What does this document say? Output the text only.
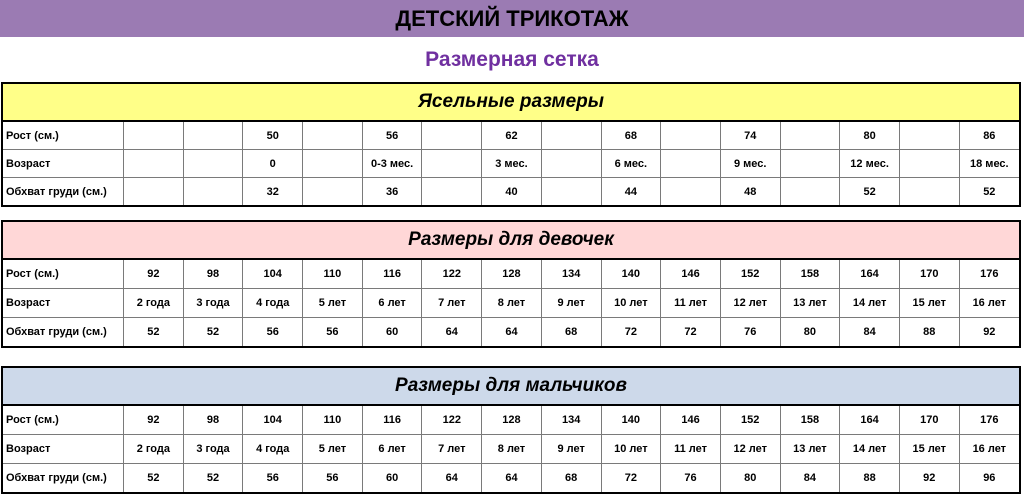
ДЕТСКИЙ ТРИКОТАЖ
Размерная сетка
Ясельные размеры
Рост (см.)			50		56		62		68		74		80		86
Возраст			0		0-3 мес.		3 мес.		6 мес.		9 мес.		12 мес.		18 мес.
Обхват груди (см.)			32		36		40		44		48		52		52
Размеры для девочек
Рост (см.)	92	98	104	110	116	122	128	134	140	146	152	158	164	170	176
Возраст	2 года	3 года	4 года	5 лет	6 лет	7 лет	8 лет	9 лет	10 лет	11 лет	12 лет	13 лет	14 лет	15 лет	16 лет
Обхват груди (см.)	52	52	56	56	60	64	64	68	72	72	76	80	84	88	92
Размеры для мальчиков
Рост (см.)	92	98	104	110	116	122	128	134	140	146	152	158	164	170	176
Возраст	2 года	3 года	4 года	5 лет	6 лет	7 лет	8 лет	9 лет	10 лет	11 лет	12 лет	13 лет	14 лет	15 лет	16 лет
Обхват груди (см.)	52	52	56	56	60	64	64	68	72	76	80	84	88	92	96
